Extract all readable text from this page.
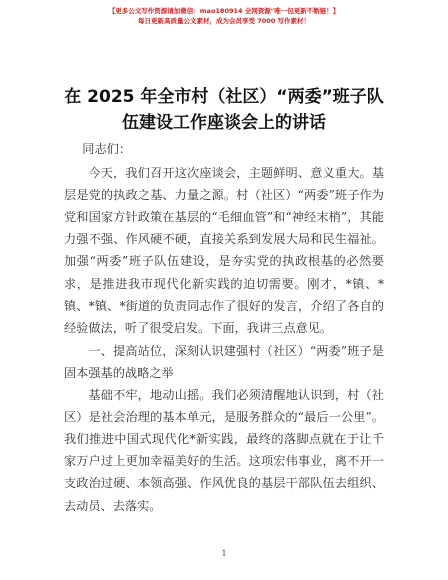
【更多公文写作资源请加微信：mao180914 全网资源"唯一包更新不断链！】
每日更新高质量公文素材，成为会员享受 7000 写作素材！
在 2025 年全市村（社区）“两委”班子队伍建设工作座谈会上的讲话

同志们：

今天，我们召开这次座谈会，主题鲜明、意义重大。基层是党的执政之基、力量之源。村（社区）“两委”班子作为党和国家方针政策在基层的“毛细血管”和“神经末梢”，其能力强不强、作风硬不硬，直接关系到发展大局和民生福祉。加强“两委”班子队伍建设，是夯实党的执政根基的必然要求，是推进我市现代化新实践的迫切需要。刚才，*镇、*镇、*镇、*街道的负责同志作了很好的发言，介绍了各自的经验做法，听了很受启发。下面，我讲三点意见。

一、提高站位，深刻认识建强村（社区）“两委”班子是固本强基的战略之举

基础不牢，地动山摇。我们必须清醒地认识到，村（社区）是社会治理的基本单元，是服务群众的“最后一公里”。我们推进中国式现代化*新实践，最终的落脚点就在于让千家万户过上更加幸福美好的生活。这项宏伟事业，离不开一支政治过硬、本领高强、作风优良的基层干部队伍去组织、去动员、去落实。

1
